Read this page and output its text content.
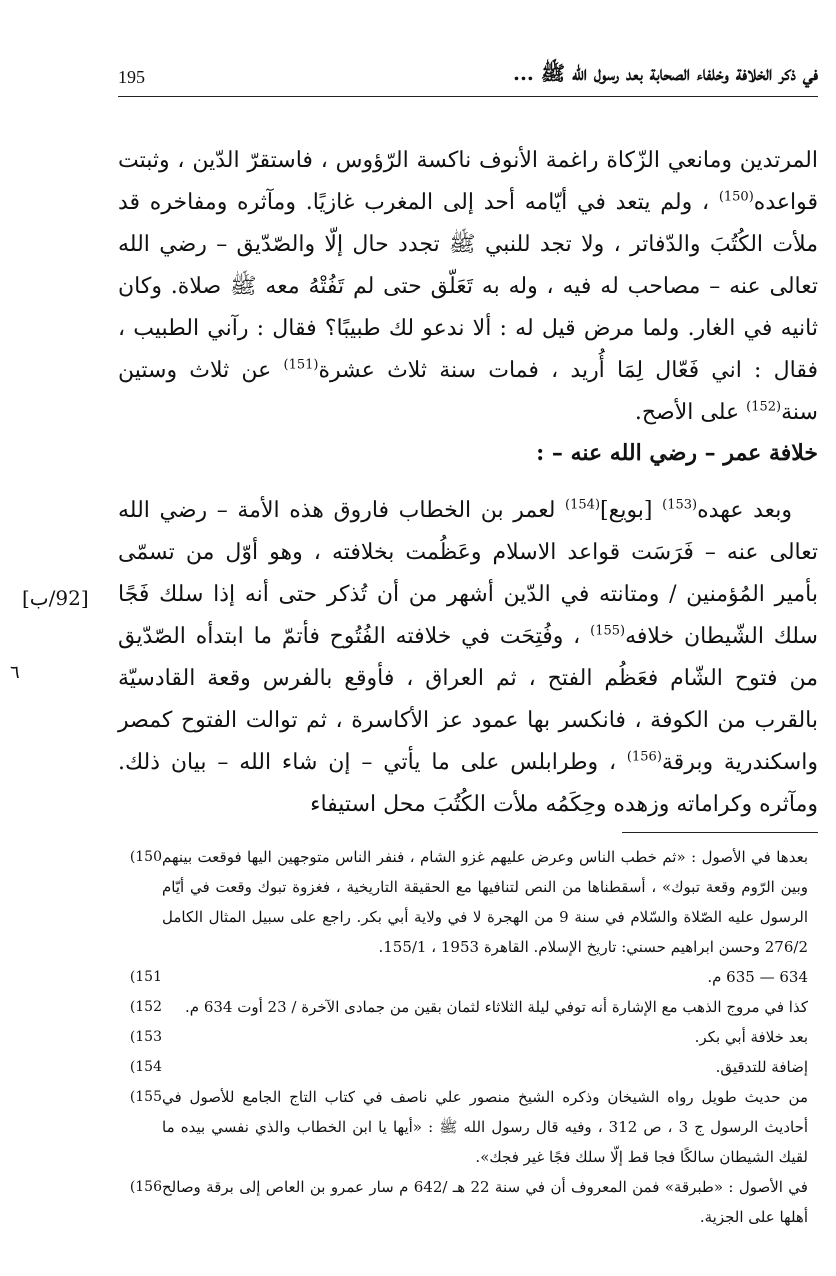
في ذكر الخلافة وخلفاء الصحابة بعد رسول الله ﷺ ...
195

المرتدين ومانعي الزّكاة راغمة الأنوف ناكسة الرّؤوس ، فاستقرّ الدّين ، وثبتت قواعده$^{(150)}$ ، ولم يتعد في أيّامه أحد إلى المغرب غازيًا. ومآثره ومفاخره قد ملأت الكُتُبَ والدّفاتر ، ولا تجد للنبي ﷺ تجدد حال إلّا والصّدّيق – رضي الله تعالى عنه – مصاحب له فيه ، وله به تَعَلّق حتى لم تَفُتْهُ معه ﷺ صلاة. وكان ثانيه في الغار. ولما مرض قيل له : ألا ندعو لك طبيبًا؟ فقال : رآني الطبيب ، فقال : اني فَعّال لِمَا أُريد ، فمات سنة ثلاث عشرة$^{(151)}$ عن ثلاث وستين سنة$^{(152)}$ على الأصح.

خلافة عمر – رضي الله عنه – :

وبعد عهده$^{(153)}$ [بويع]$^{(154)}$ لعمر بن الخطاب فاروق هذه الأمة – رضي الله تعالى عنه – فَرَسَت قواعد الاسلام وعَظُمت بخلافته ، وهو أوّل من تسمّى بأمير المُؤمنين / ومتانته في الدّين أشهر من أن تُذكر حتى أنه إذا سلك فَجًا سلك الشّيطان خلافه$^{(155)}$ ، وفُتِحَت في خلافته الفُتُوح فأتمّ ما ابتدأه الصّدّيق من فتوح الشّام فعَظُم الفتح ، ثم العراق ، فأوقع بالفرس وقعة القادسيّة بالقرب من الكوفة ، فانكسر بها عمود عز الأكاسرة ، ثم توالت الفتوح كمصر واسكندرية وبرقة$^{(156)}$ ، وطرابلس على ما يأتي – إن شاء الله – بيان ذلك. ومآثره وكراماته وزهده وحِكَمُه ملأت الكُتُبَ محل استيفاء

[92/ب]
٦
بعدها في الأصول : «ثم خطب الناس وعرض عليهم غزو الشام ، فنفر الناس متوجهين اليها فوقعت بينهم وبين الرّوم وقعة تبوك» ، أسقطناها من النص لتنافيها مع الحقيقة التاريخية ، فغزوة تبوك وقعت في أيّام الرسول عليه الصّلاة والسّلام في سنة 9 من الهجرة لا في ولاية أبي بكر. راجع على سبيل المثال الكامل 276/2 وحسن ابراهيم حسني: تاريخ الإسلام. القاهرة 1953 ، 155/1.
(150
634 — 635 م.
(151
كذا في مروج الذهب مع الإشارة أنه توفي ليلة الثلاثاء لثمان بقين من جمادى الآخرة / 23 أوت 634 م.
(152
بعد خلافة أبي بكر.
(153
إضافة للتدقيق.
(154
من حديث طويل رواه الشيخان وذكره الشيخ منصور علي ناصف في كتاب التاج الجامع للأصول في أحاديث الرسول ج 3 ، ص 312 ، وفيه قال رسول الله ﷺ : «أيها يا ابن الخطاب والذي نفسي بيده ما لقيك الشيطان سالكًا فجا قط إلّا سلك فجًا غير فجك».
(155
في الأصول : «طبرقة» فمن المعروف أن في سنة 22 هـ /642 م سار عمرو بن العاص إلى برقة وصالح أهلها على الجزية.
(156
